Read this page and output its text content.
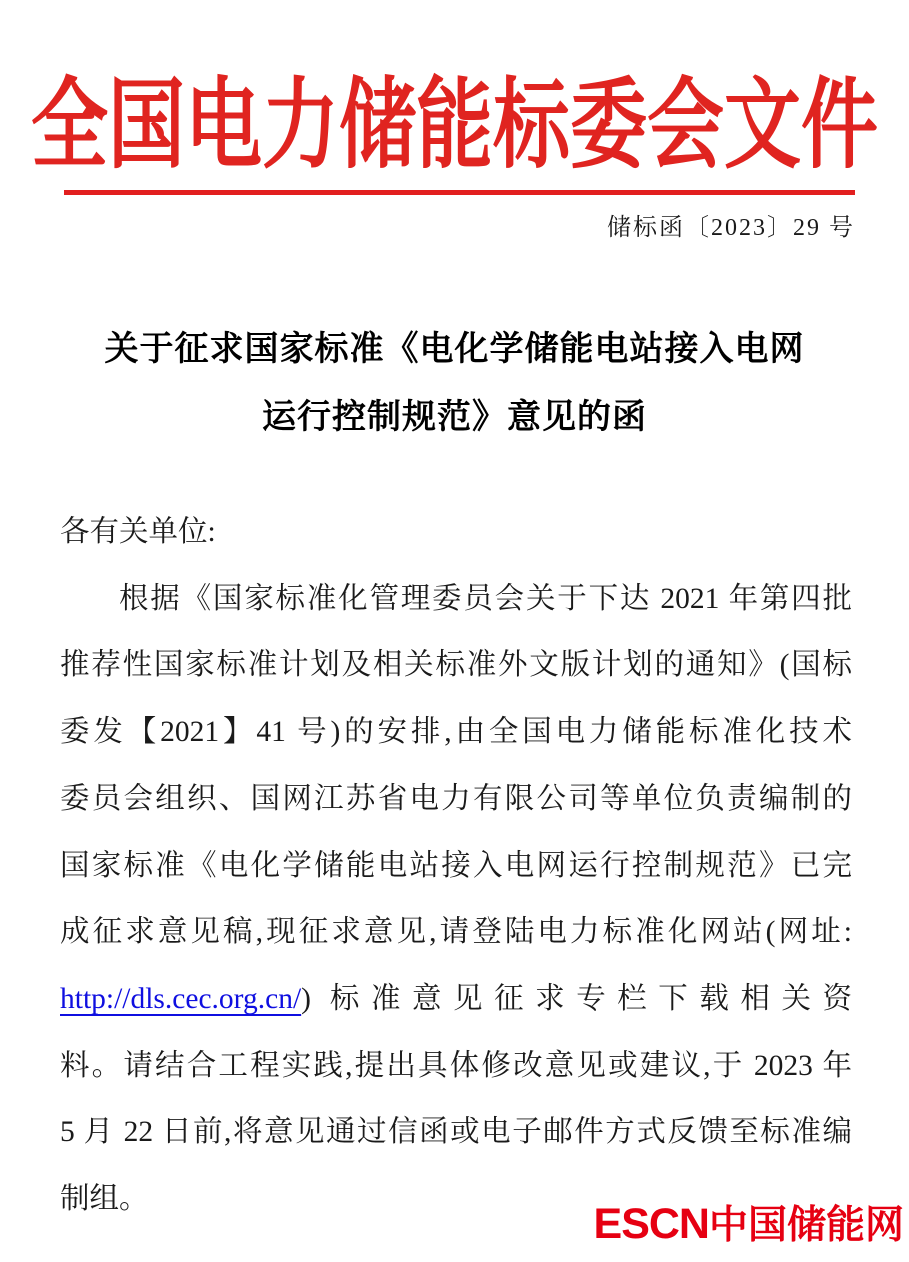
全国电力储能标委会文件
储标函〔2023〕29 号
关于征求国家标准《电化学储能电站接入电网
运行控制规范》意见的函
各有关单位:
根据《国家标准化管理委员会关于下达 2021 年第四批
推荐性国家标准计划及相关标准外文版计划的通知》(国标
委发【2021】41 号)的安排,由全国电力储能标准化技术
委员会组织、国网江苏省电力有限公司等单位负责编制的
国家标准《电化学储能电站接入电网运行控制规范》已完
成征求意见稿,现征求意见,请登陆电力标准化网站(网址:
http://dls.cec.org.cn/) 标准意见征求专栏下载相关资
料。请结合工程实践,提出具体修改意见或建议,于 2023 年
5 月 22 日前,将意见通过信函或电子邮件方式反馈至标准编
制组。
ESCN中国储能网
